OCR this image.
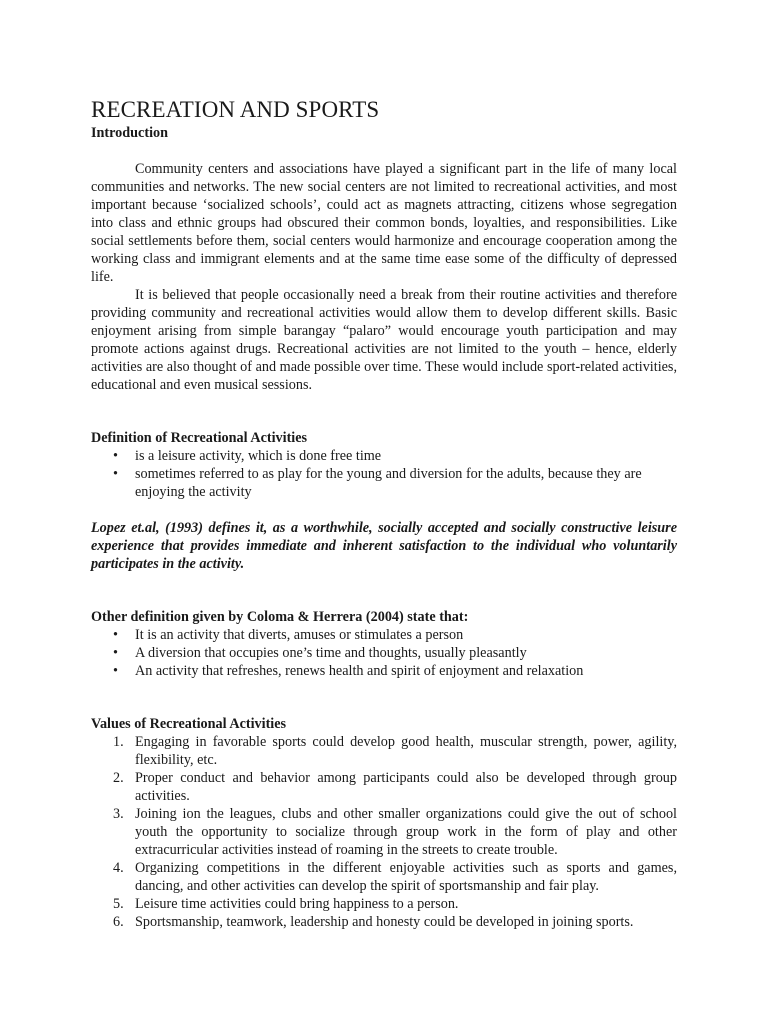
RECREATION AND SPORTS

Introduction

Community centers and associations have played a significant part in the life of many local communities and networks. The new social centers are not limited to recreational activities, and most important because ‘socialized schools’, could act as magnets attracting, citizens whose segregation into class and ethnic groups had obscured their common bonds, loyalties, and responsibilities. Like social settlements before them, social centers would harmonize and encourage cooperation among the working class and immigrant elements and at the same time ease some of the difficulty of depressed life.

It is believed that people occasionally need a break from their routine activities and therefore providing community and recreational activities would allow them to develop different skills. Basic enjoyment arising from simple barangay “palaro” would encourage youth participation and may promote actions against drugs. Recreational activities are not limited to the youth – hence, elderly activities are also thought of and made possible over time. These would include sport-related activities, educational and even musical sessions.

Definition of Recreational Activities

• is a leisure activity, which is done free time
• sometimes referred to as play for the young and diversion for the adults, because they are enjoying the activity

Lopez et.al, (1993) defines it, as a worthwhile, socially accepted and socially constructive leisure experience that provides immediate and inherent satisfaction to the individual who voluntarily participates in the activity.

Other definition given by Coloma & Herrera (2004) state that:

• It is an activity that diverts, amuses or stimulates a person
• A diversion that occupies one’s time and thoughts, usually pleasantly
• An activity that refreshes, renews health and spirit of enjoyment and relaxation

Values of Recreational Activities

1. Engaging in favorable sports could develop good health, muscular strength, power, agility, flexibility, etc.
2. Proper conduct and behavior among participants could also be developed through group activities.
3. Joining ion the leagues, clubs and other smaller organizations could give the out of school youth the opportunity to socialize through group work in the form of play and other extracurricular activities instead of roaming in the streets to create trouble.
4. Organizing competitions in the different enjoyable activities such as sports and games, dancing, and other activities can develop the spirit of sportsmanship and fair play.
5. Leisure time activities could bring happiness to a person.
6. Sportsmanship, teamwork, leadership and honesty could be developed in joining sports.
